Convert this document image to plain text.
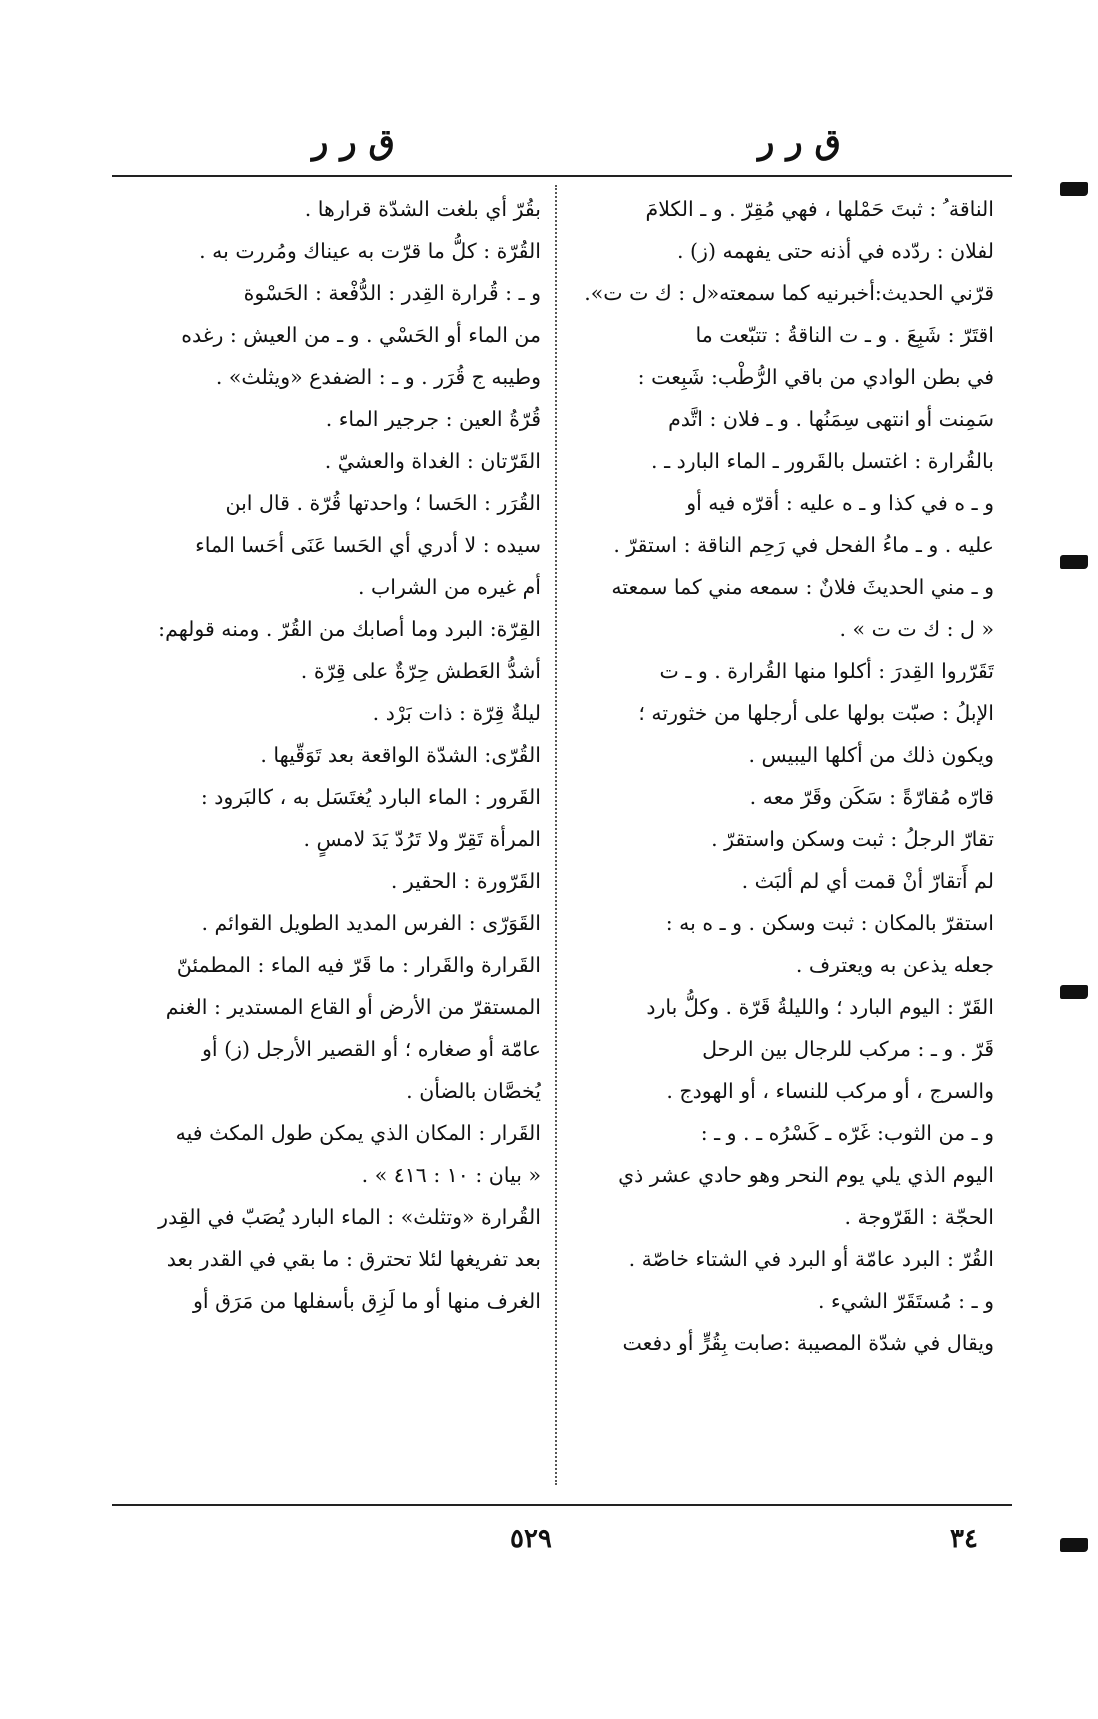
ق ر ر
ق ر ر
الناقة ُ : ثبتَ حَمْلها ، فهي مُقِرّ . و ـ الكلامَ
لفلان : ردّده في أذنه حتى يفهمه (ز) .
قرّني الحديث:أخبرنيه كما سمعته«ل : ك ت ت».
اقتَرّ : شَبِعَ . و ـ ت الناقةُ : تتبّعت ما
في بطن الوادي من باقي الرُّطْب: شَبِعت :
سَمِنت أو انتهى سِمَنُها . و ـ فلان : اتَّدم
بالقُرارة : اغتسل بالقَرور ـ الماء البارد ـ .
و ـ ه في كذا و ـ ه عليه : أقرّه فيه أو
عليه . و ـ ماءُ الفحل في رَحِم الناقة : استقرّ .
و ـ مني الحديثَ فلانٌ : سمعه مني كما سمعته
« ل : ك ت ت » .
تَقَرّروا القِدرَ : أكلوا منها القُرارة . و ـ ت
الإبلُ : صبّت بولها على أرجلها من خثورته ؛
ويكون ذلك من أكلها اليبيس .
قارّه مُقارّةً : سَكَن وقَرّ معه .
تقارّ الرجلُ : ثبت وسكن واستقرّ .
لم أَتقارّ أنْ قمت أي لم ألبَث .
استقرّ بالمكان : ثبت وسكن . و ـ ه به :
جعله يذعن به ويعترف .
القَرّ : اليوم البارد ؛ والليلةُ قَرّة . وكلُّ بارد
قَرّ . و ـ : مركب للرجال بين الرحل
والسرج ، أو مركب للنساء ، أو الهودج .
و ـ من الثوب: غَرّه ـ كَسْرُه ـ . و ـ :
اليوم الذي يلي يوم النحر وهو حادي عشر ذي
الحجّة : القَرّوجة .
القُرّ : البرد عامّة أو البرد في الشتاء خاصّة .
و ـ : مُستَقَرّ الشيء .
ويقال في شدّة المصيبة :صابت بِقُرٍّ أو دفعت
بقُرّ أي بلغت الشدّة قرارها .
القُرّة : كلُّ ما قرّت به عيناك ومُررت به .
و ـ : قُرارة القِدر : الدُّفْعة : الحَسْوة
من الماء أو الحَسْي . و ـ من العيش : رغده
وطيبه ج قُرَر . و ـ : الضفدع «ويثلث» .
قُرّةُ العين : جرجير الماء .
القَرّتان : الغداة والعشيّ .
القُرَر : الحَسا ؛ واحدتها قُرّة . قال ابن
سيده : لا أدري أي الحَسا عَنَى أحَسا الماء
أم غيره من الشراب .
القِرّة: البرد وما أصابك من القُرّ . ومنه قولهم:
أشدُّ العَطش حِرّةٌ على قِرّة .
ليلةٌ قِرّة : ذات بَرْد .
القُرّى: الشدّة الواقعة بعد تَوَقّيها .
القَرور : الماء البارد يُغتَسَل به ، كالبَرود :
المرأة تَقِرّ ولا تَرُدّ يَدَ لامسٍ .
القَرّورة : الحقير .
القَوَرّى : الفرس المديد الطويل القوائم .
القَرارة والقَرار : ما قَرّ فيه الماء : المطمئنّ
المستقرّ من الأرض أو القاع المستدير : الغنم
عامّة أو صغاره ؛ أو القصير الأرجل (ز) أو
يُخصَّان بالضأن .
القَرار : المكان الذي يمكن طول المكث فيه
« بيان : ١٠ : ٤١٦ » .
القُرارة «وتثلث» : الماء البارد يُصَبّ في القِدر
بعد تفريغها لئلا تحترق : ما بقي في القدر بعد
الغرف منها أو ما لَزِق بأسفلها من مَرَق أو
٣٤
٥٢٩
